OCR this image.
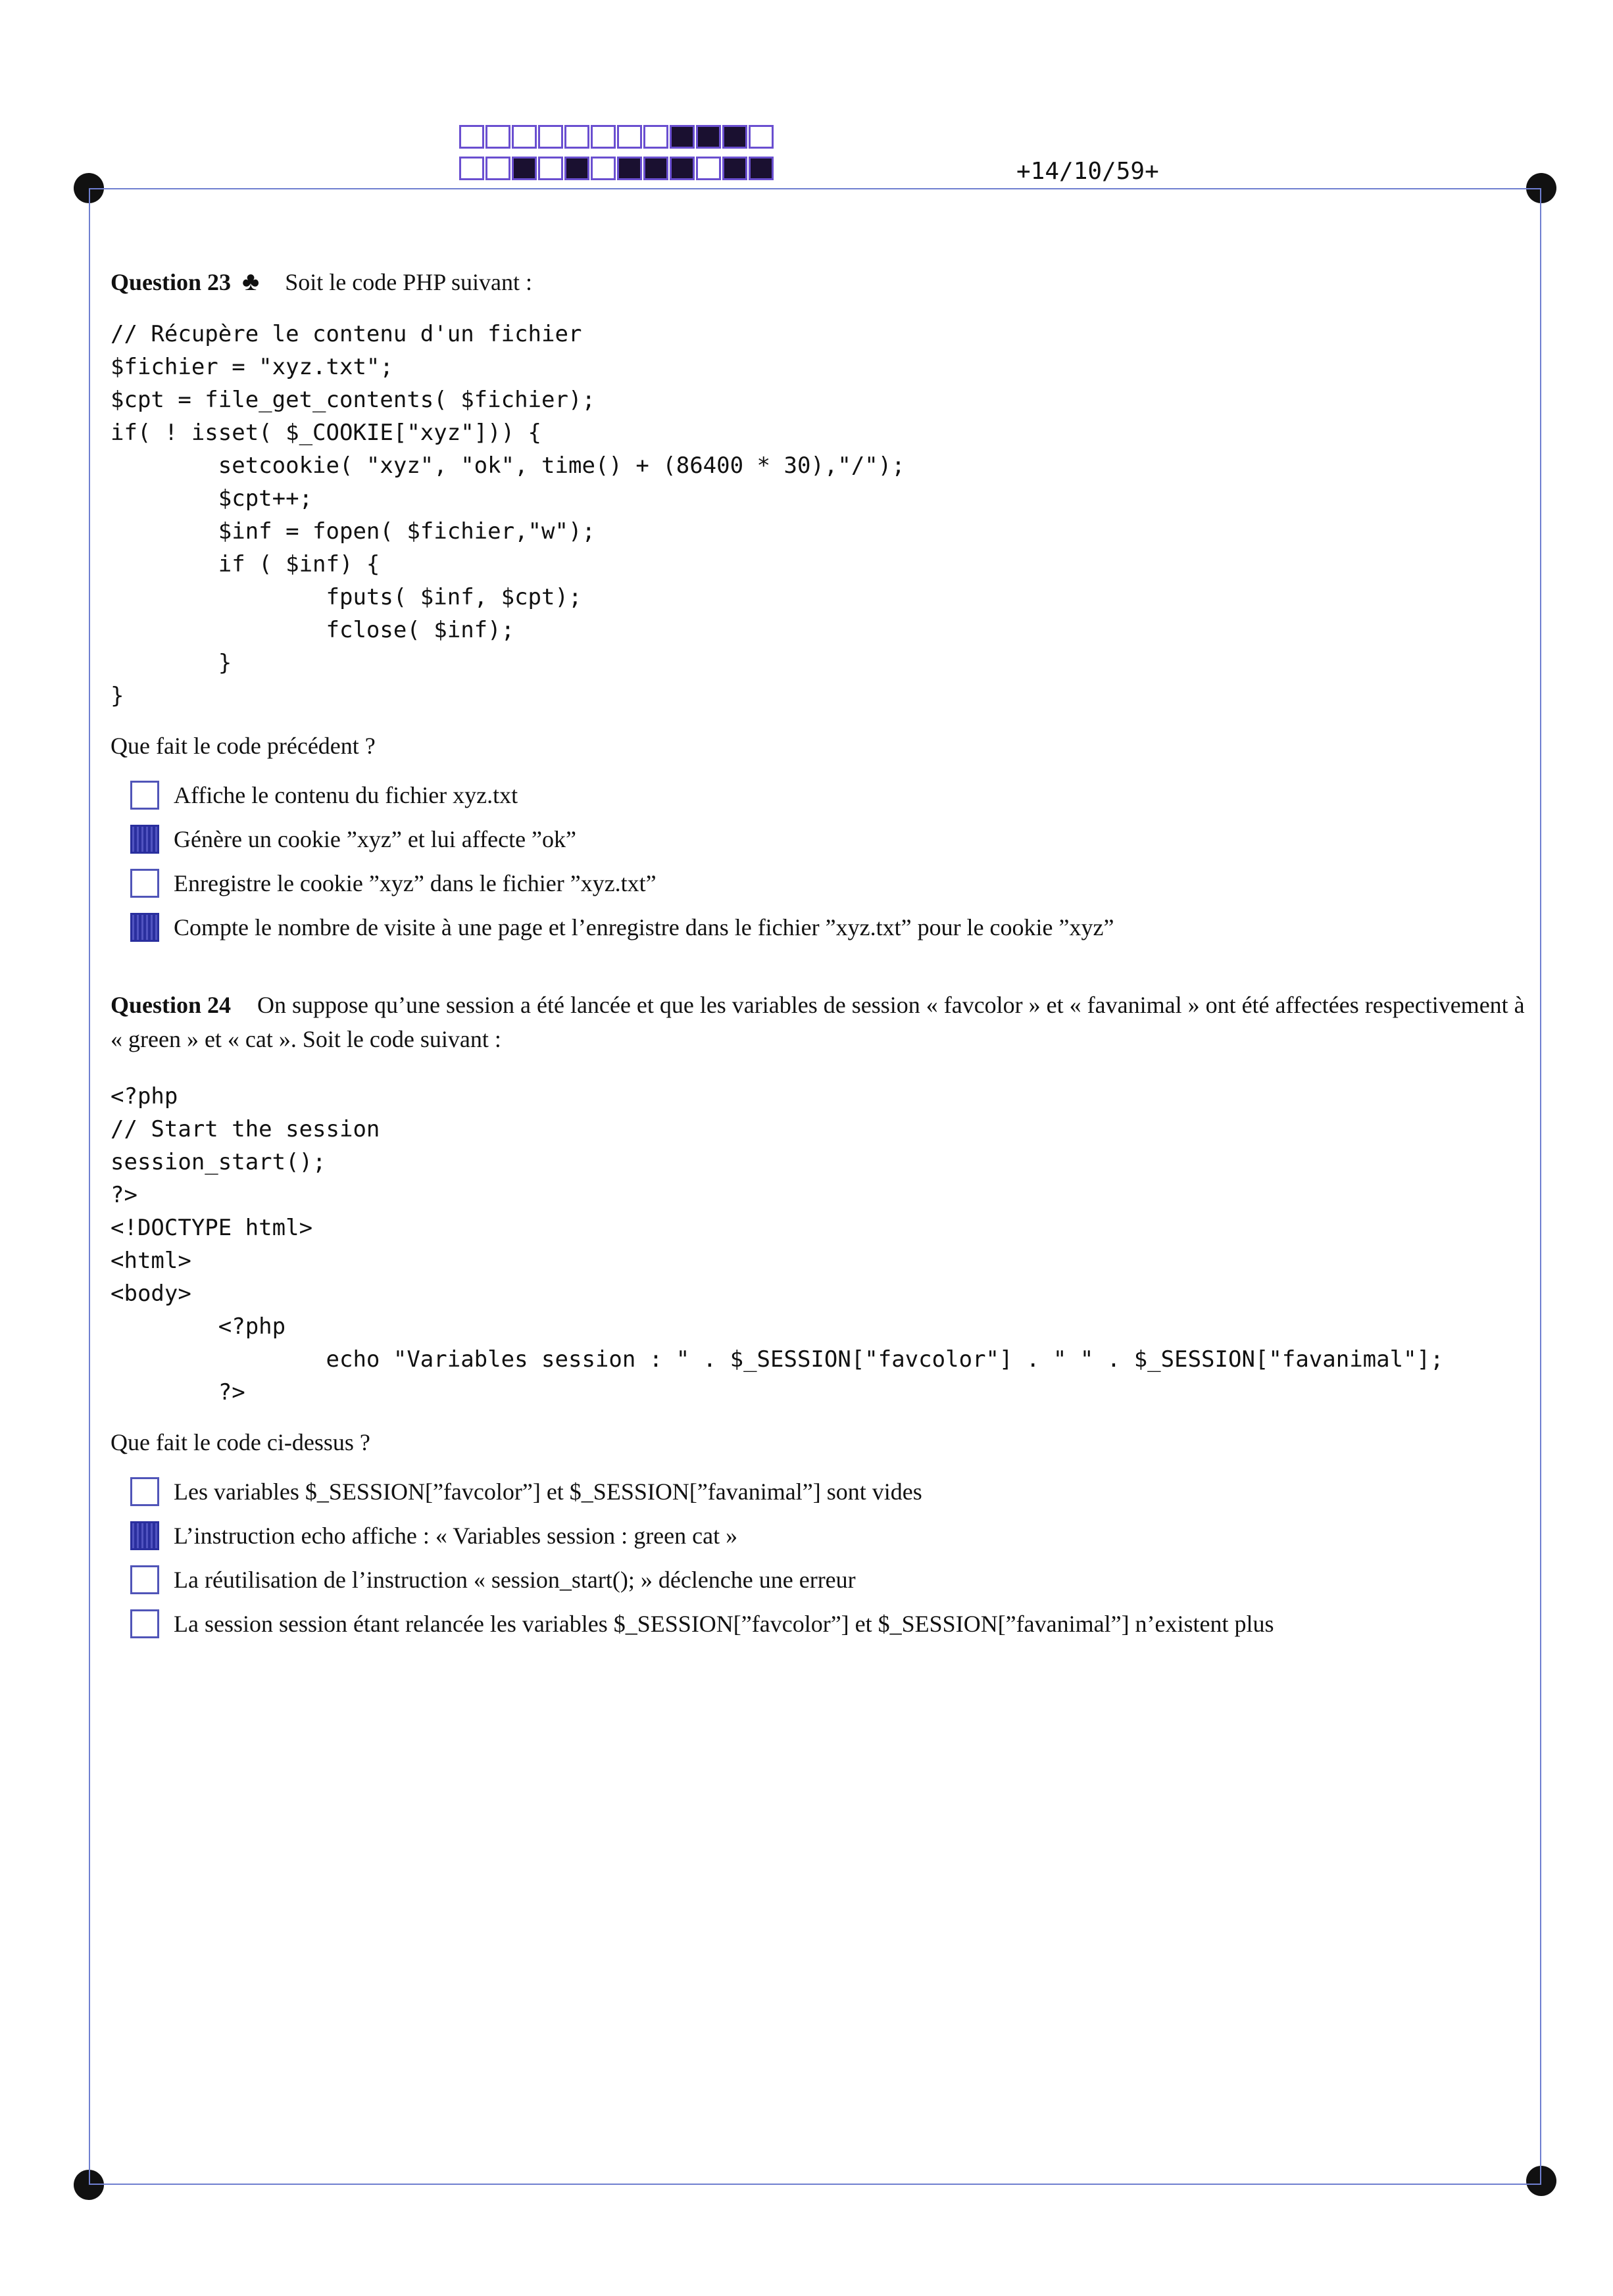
+14/10/59+
Question 23 ♣ Soit le code PHP suivant :
// Récupère le contenu d'un fichier
$fichier = "xyz.txt";
$cpt = file_get_contents( $fichier);
if( ! isset( $_COOKIE["xyz"])) {
setcookie( "xyz", "ok", time() + (86400 * 30),"/");
$cpt++;
$inf = fopen( $fichier,"w");
if ( $inf) {
fputs( $inf, $cpt);
fclose( $inf);
}
}
Que fait le code précédent ?
Affiche le contenu du fichier xyz.txt
Génère un cookie ”xyz” et lui affecte ”ok”
Enregistre le cookie ”xyz” dans le fichier ”xyz.txt”
Compte le nombre de visite à une page et l’enregistre dans le fichier ”xyz.txt” pour le cookie ”xyz”
Question 24 On suppose qu’une session a été lancée et que les variables de session « favcolor » et « favanimal » ont été affectées respectivement à « green » et « cat ». Soit le code suivant :
<?php
// Start the session
session_start();
?>
<!DOCTYPE html>
<html>
<body>
<?php
echo "Variables session : " . $_SESSION["favcolor"] . " " . $_SESSION["favanimal"];
?>
Que fait le code ci-dessus ?
Les variables $_SESSION[”favcolor”] et $_SESSION[”favanimal”] sont vides
L’instruction echo affiche : « Variables session : green cat »
La réutilisation de l’instruction « session_start(); » déclenche une erreur
La session session étant relancée les variables $_SESSION[”favcolor”] et $_SESSION[”favanimal”] n’existent plus
